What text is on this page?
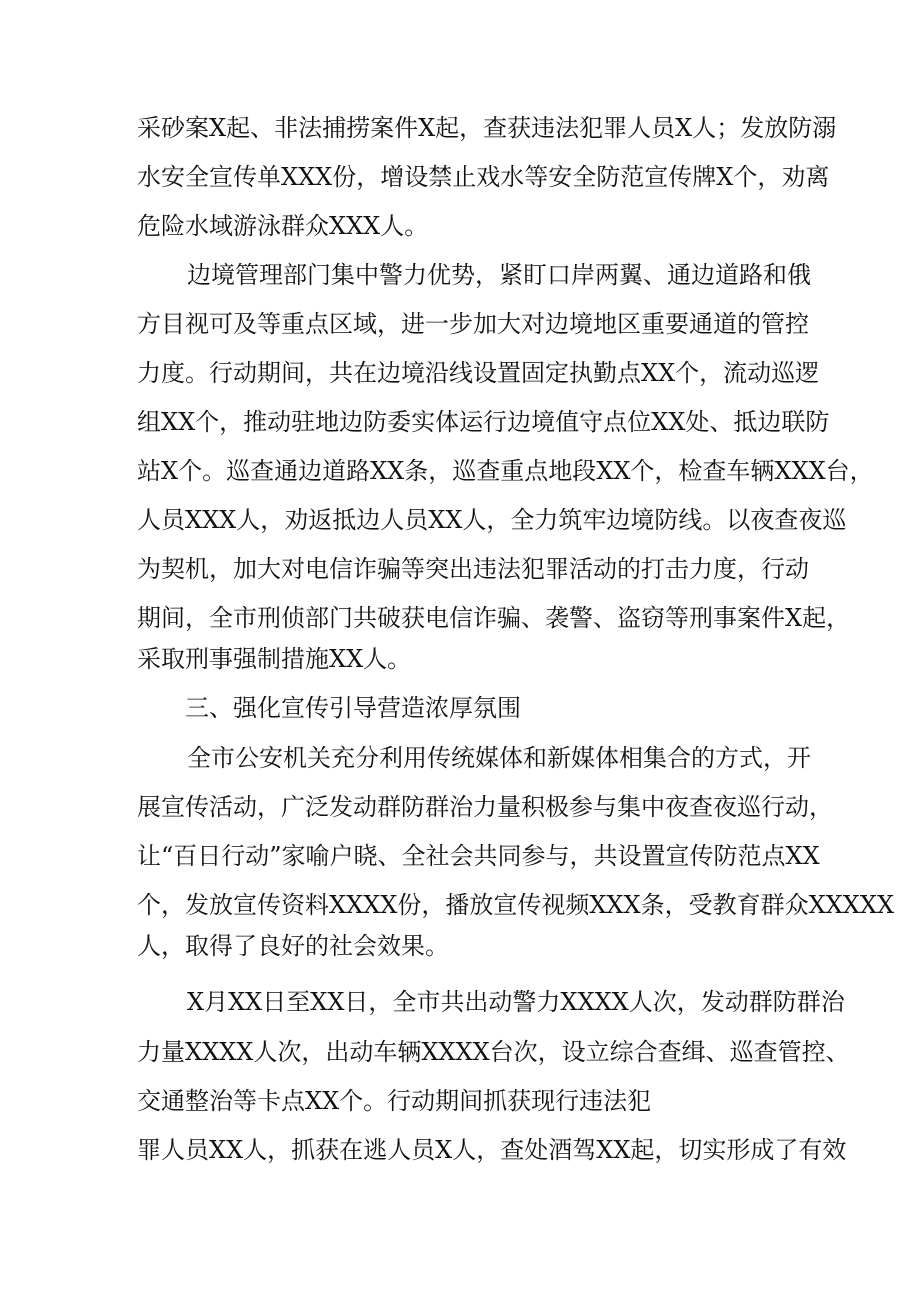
采砂案X起、非法捕捞案件X起，查获违法犯罪人员X人；发放防溺
水安全宣传单XXX份，增设禁止戏水等安全防范宣传牌X个，劝离
危险水域游泳群众XXX人。
边境管理部门集中警力优势，紧盯口岸两翼、通边道路和俄
方目视可及等重点区域，进一步加大对边境地区重要通道的管控
力度。行动期间，共在边境沿线设置固定执勤点XX个，流动巡逻
组XX个，推动驻地边防委实体运行边境值守点位XX处、抵边联防
站X个。巡查通边道路XX条，巡查重点地段XX个，检查车辆XXX台，
人员XXX人，劝返抵边人员XX人，全力筑牢边境防线。以夜查夜巡
为契机，加大对电信诈骗等突出违法犯罪活动的打击力度，行动
期间，全市刑侦部门共破获电信诈骗、袭警、盗窃等刑事案件X起，
采取刑事强制措施XX人。
三、强化宣传引导营造浓厚氛围
全市公安机关充分利用传统媒体和新媒体相集合的方式，开
展宣传活动，广泛发动群防群治力量积极参与集中夜查夜巡行动，
让“百日行动”家喻户晓、全社会共同参与，共设置宣传防范点XX
个，发放宣传资料XXXX份，播放宣传视频XXX条，受教育群众XXXXX
人，取得了良好的社会效果。
X月XX日至XX日，全市共出动警力XXXX人次，发动群防群治
力量XXXX人次，出动车辆XXXX台次，设立综合查缉、巡查管控、
交通整治等卡点XX个。行动期间抓获现行违法犯
罪人员XX人，抓获在逃人员X人，查处酒驾XX起，切实形成了有效
